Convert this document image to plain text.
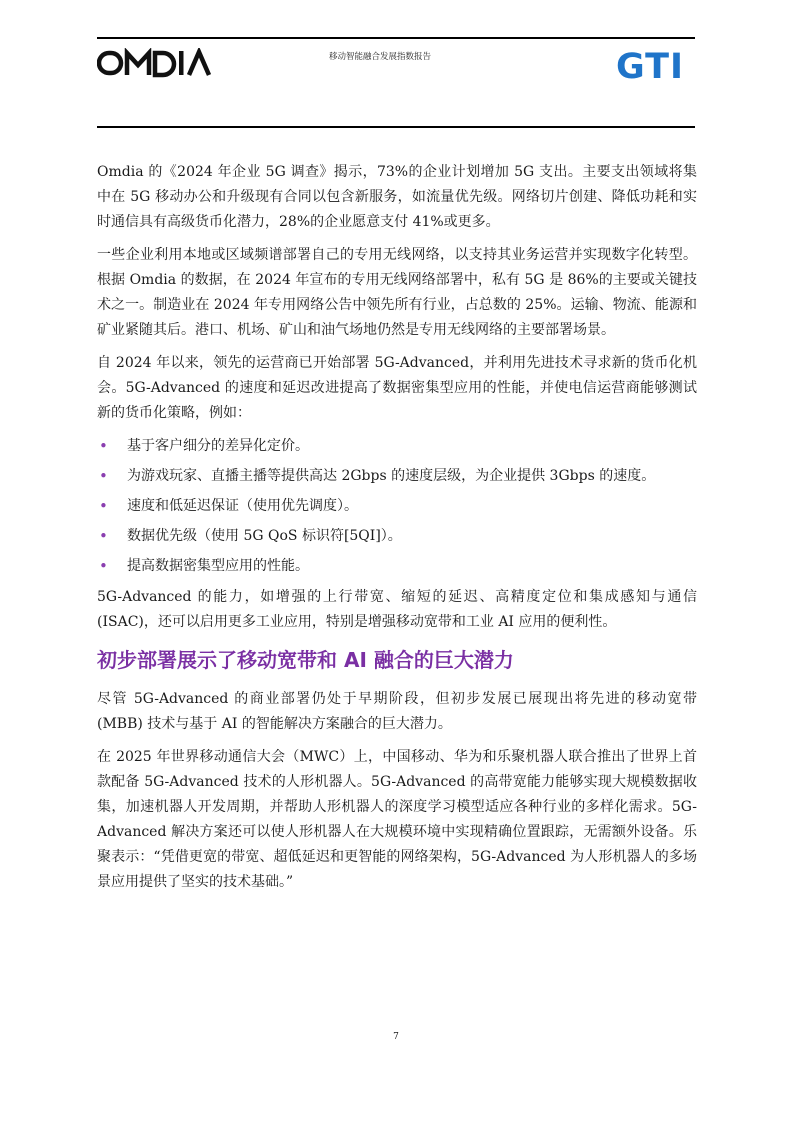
移动智能融合发展指数报告	GTI

Omdia 的《2024 年企业 5G 调查》揭示，73%的企业计划增加 5G 支出。主要支出领域将集中在 5G 移动办公和升级现有合同以包含新服务，如流量优先级。网络切片创建、降低功耗和实时通信具有高级货币化潜力，28%的企业愿意支付 41%或更多。

一些企业利用本地或区域频谱部署自己的专用无线网络，以支持其业务运营并实现数字化转型。根据 Omdia 的数据，在 2024 年宣布的专用无线网络部署中，私有 5G 是 86%的主要或关键技术之一。制造业在 2024 年专用网络公告中领先所有行业，占总数的 25%。运输、物流、能源和矿业紧随其后。港口、机场、矿山和油气场地仍然是专用无线网络的主要部署场景。

自 2024 年以来，领先的运营商已开始部署 5G-Advanced，并利用先进技术寻求新的货币化机会。5G-Advanced 的速度和延迟改进提高了数据密集型应用的性能，并使电信运营商能够测试新的货币化策略，例如：

• 基于客户细分的差异化定价。
• 为游戏玩家、直播主播等提供高达 2Gbps 的速度层级，为企业提供 3Gbps 的速度。
• 速度和低延迟保证（使用优先调度）。
• 数据优先级（使用 5G QoS 标识符[5QI]）。
• 提高数据密集型应用的性能。

5G-Advanced 的能力，如增强的上行带宽、缩短的延迟、高精度定位和集成感知与通信 (ISAC)，还可以启用更多工业应用，特别是增强移动宽带和工业 AI 应用的便利性。

初步部署展示了移动宽带和 AI 融合的巨大潜力

尽管 5G-Advanced 的商业部署仍处于早期阶段，但初步发展已展现出将先进的移动宽带 (MBB) 技术与基于 AI 的智能解决方案融合的巨大潜力。

在 2025 年世界移动通信大会（MWC）上，中国移动、华为和乐聚机器人联合推出了世界上首款配备 5G-Advanced 技术的人形机器人。5G-Advanced 的高带宽能力能够实现大规模数据收集，加速机器人开发周期，并帮助人形机器人的深度学习模型适应各种行业的多样化需求。5G-Advanced 解决方案还可以使人形机器人在大规模环境中实现精确位置跟踪，无需额外设备。乐聚表示：“凭借更宽的带宽、超低延迟和更智能的网络架构，5G-Advanced 为人形机器人的多场景应用提供了坚实的技术基础。”

7
